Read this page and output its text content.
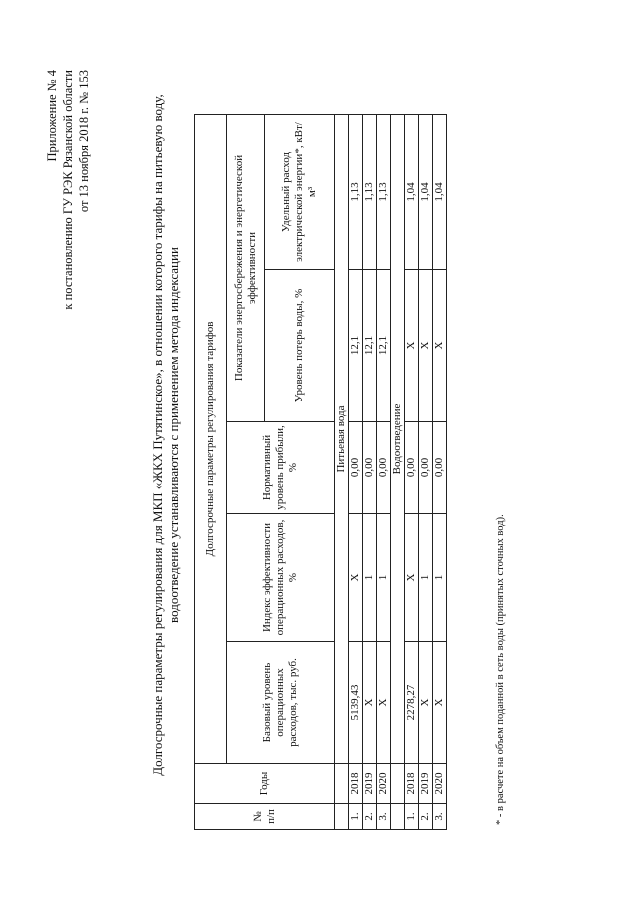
Приложение № 4 к постановлению ГУ РЭК Рязанской области от 13 ноября 2018 г. № 153	Долгосрочные параметры регулирования для МКП «ЖКХ Путятинское», в отношении которого тарифы на питьевую воду, водоотведение устанавливаются с применением метода индексации
№ п/п	Годы	Долгосрочные параметры регулирования тарифов				
		Базовый уровень операционных расходов, тыс. руб.	Индекс эффективности операционных расходов, %	Нормативный уровень прибыли, %	Показатели энергосбережения и энергетической эффективности	
					Уровень потерь воды, %	Удельный расход электрической энергии*, кВт/м³
		Питьевая вода				
1.	2018	5139,43	Х	0,00	12,1	1,13
2.	2019	Х	1	0,00	12,1	1,13
3.	2020	Х	1	0,00	12,1	1,13
		Водоотведение				
1.	2018	2278,27	Х	0,00	Х	1,04
2.	2019	Х	1	0,00	Х	1,04
3.	2020	Х	1	0,00	Х	1,04
* - в расчете на объем поданной в сеть воды (принятых сточных вод).
